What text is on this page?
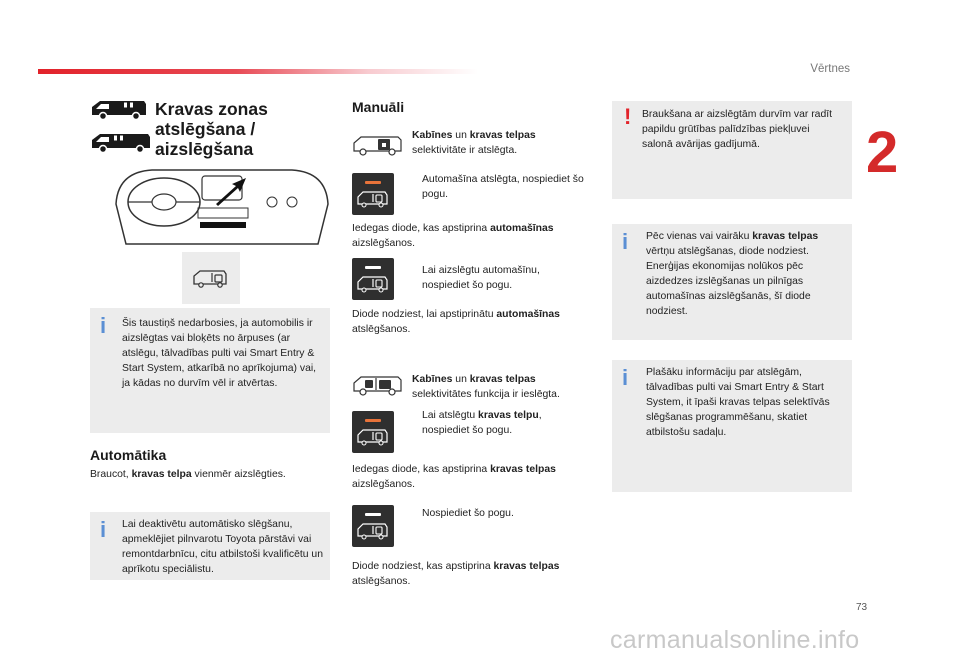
Vērtnes
2
73
Kravas zonas
atslēgšana /
aizslēgšana
i Šis taustiņš nedarbosies, ja automobilis ir aizslēgtas vai bloķēts no ārpuses (ar atslēgu, tālvadības pulti vai Smart Entry & Start System, atkarībā no aprīkojuma) vai, ja kādas no durvīm vēl ir atvērtas.
Automātika
Braucot, kravas telpa vienmēr aizslēgties.
i Lai deaktivētu automātisko slēgšanu, apmeklējiet pilnvarotu Toyota pārstāvi vai remontdarbnīcu, citu atbilstoši kvalificētu un aprīkotu speciālistu.
Manuāli
Kabīnes un kravas telpas
selektivitāte ir atslēgta.
Automašīna atslēgta, nospiediet šo pogu.
Iedegas diode, kas apstiprina automašīnas
aizslēgšanos.
Lai aizslēgtu automašīnu, nospiediet šo pogu.
Diode nodziest, lai apstiprinātu automašīnas
atslēgšanos.
Kabīnes un kravas telpas
selektivitātes funkcija ir ieslēgta.
Lai atslēgtu kravas telpu,
nospiediet šo pogu.
Iedegas diode, kas apstiprina kravas telpas
aizslēgšanos.
Nospiediet šo pogu.
Diode nodziest, kas apstiprina kravas telpas
atslēgšanos.
! Braukšana ar aizslēgtām durvīm var radīt papildu grūtības palīdzības piekļuvei salonā avārijas gadījumā.
i Pēc vienas vai vairāku kravas telpas vērtņu atslēgšanas, diode nodziest. Enerģijas ekonomijas nolūkos pēc aizdedzes izslēgšanas un pilnīgas automašīnas aizslēgšanās, šī diode nodziest.
i Plašāku informāciju par atslēgām, tālvadības pulti vai Smart Entry & Start System, it īpaši kravas telpas selektīvās slēgšanas programmēšanu, skatiet atbilstošu sadaļu.
carmanualsonline.info
